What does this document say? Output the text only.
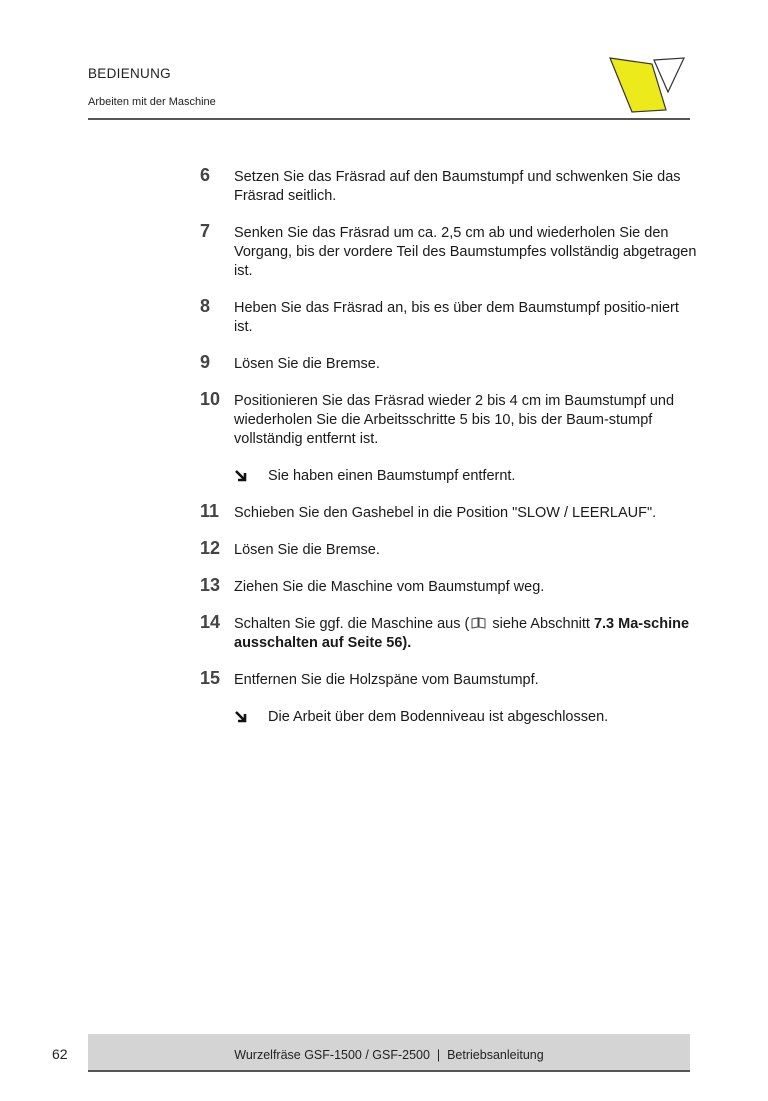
BEDIENUNG
Arbeiten mit der Maschine
6 Setzen Sie das Fräsrad auf den Baumstumpf und schwenken Sie das Fräsrad seitlich.
7 Senken Sie das Fräsrad um ca. 2,5 cm ab und wiederholen Sie den Vorgang, bis der vordere Teil des Baumstumpfes vollständig abgetragen ist.
8 Heben Sie das Fräsrad an, bis es über dem Baumstumpf positio-niert ist.
9 Lösen Sie die Bremse.
10 Positionieren Sie das Fräsrad wieder 2 bis 4 cm im Baumstumpf und wiederholen Sie die Arbeitsschritte 5 bis 10, bis der Baum-stumpf vollständig entfernt ist.
Sie haben einen Baumstumpf entfernt.
11 Schieben Sie den Gashebel in die Position "SLOW / LEERLAUF".
12 Lösen Sie die Bremse.
13 Ziehen Sie die Maschine vom Baumstumpf weg.
14 Schalten Sie ggf. die Maschine aus ( siehe Abschnitt 7.3 Ma-schine ausschalten auf Seite 56).
15 Entfernen Sie die Holzspäne vom Baumstumpf.
Die Arbeit über dem Bodenniveau ist abgeschlossen.
62	Wurzelfräse GSF-1500 / GSF-2500  |  Betriebsanleitung
